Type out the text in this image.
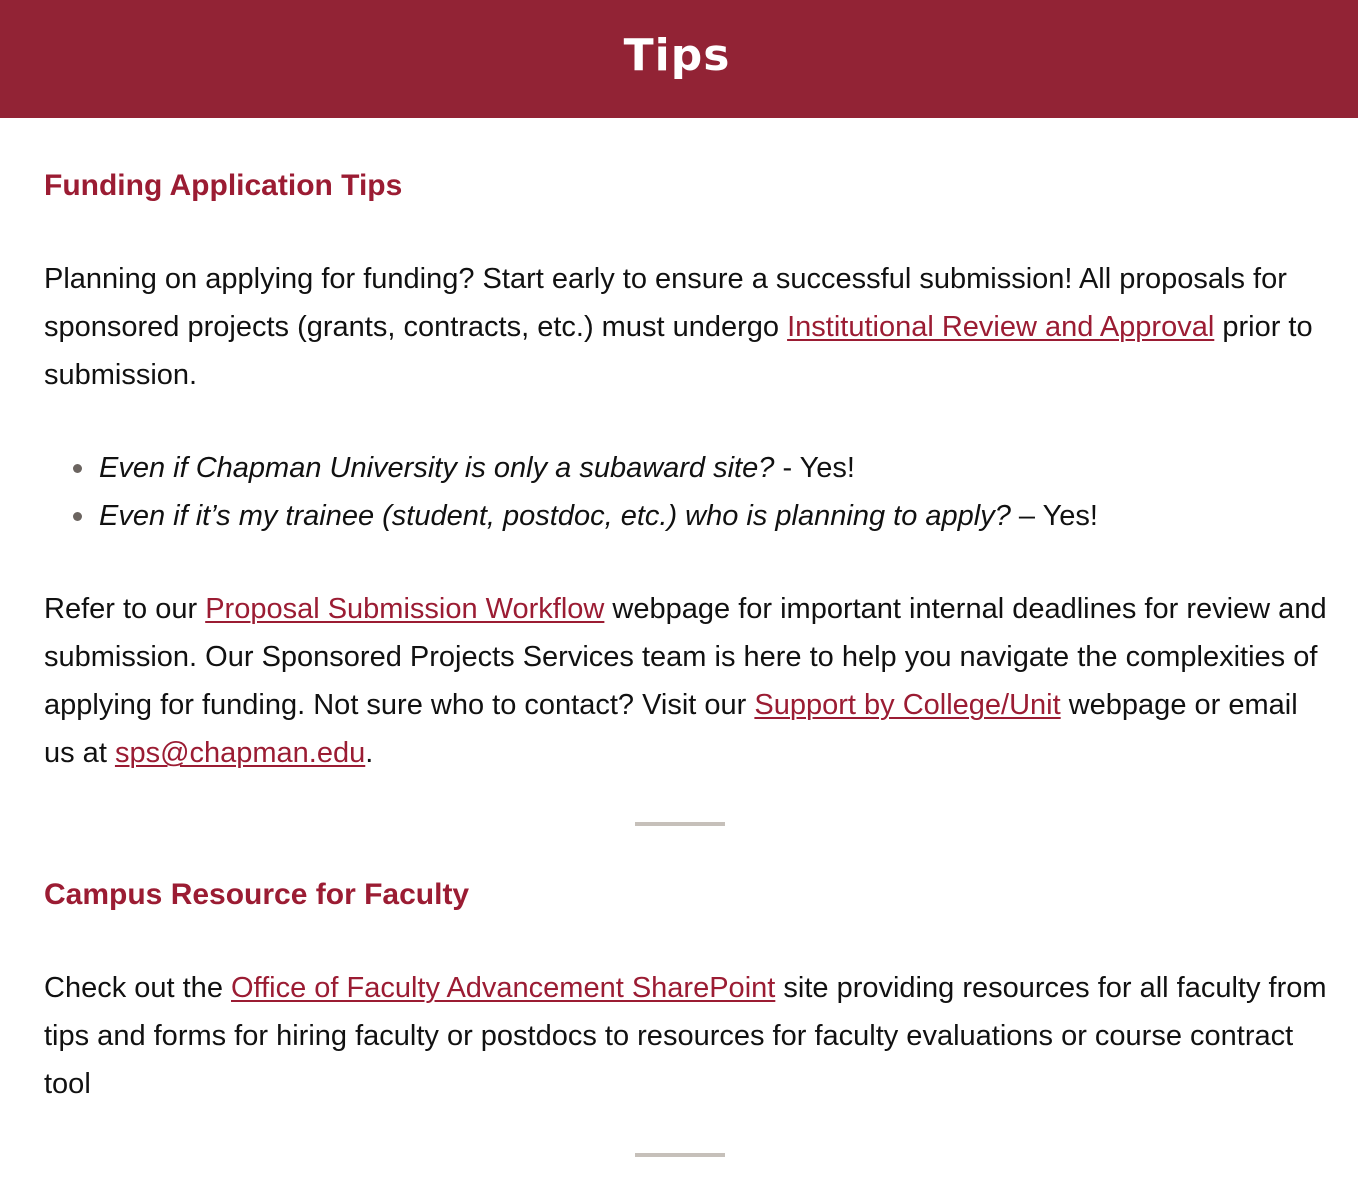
Tips
Funding Application Tips

Planning on applying for funding? Start early to ensure a successful submission! All proposals for sponsored projects (grants, contracts, etc.) must undergo Institutional Review and Approval prior to submission.

Even if Chapman University is only a subaward site? - Yes!
Even if it’s my trainee (student, postdoc, etc.) who is planning to apply? – Yes!

Refer to our Proposal Submission Workflow webpage for important internal deadlines for review and submission. Our Sponsored Projects Services team is here to help you navigate the complexities of applying for funding. Not sure who to contact? Visit our Support by College/Unit webpage or email us at sps@chapman.edu.

Campus Resource for Faculty

Check out the Office of Faculty Advancement SharePoint site providing resources for all faculty from tips and forms for hiring faculty or postdocs to resources for faculty evaluations or course contract tool
